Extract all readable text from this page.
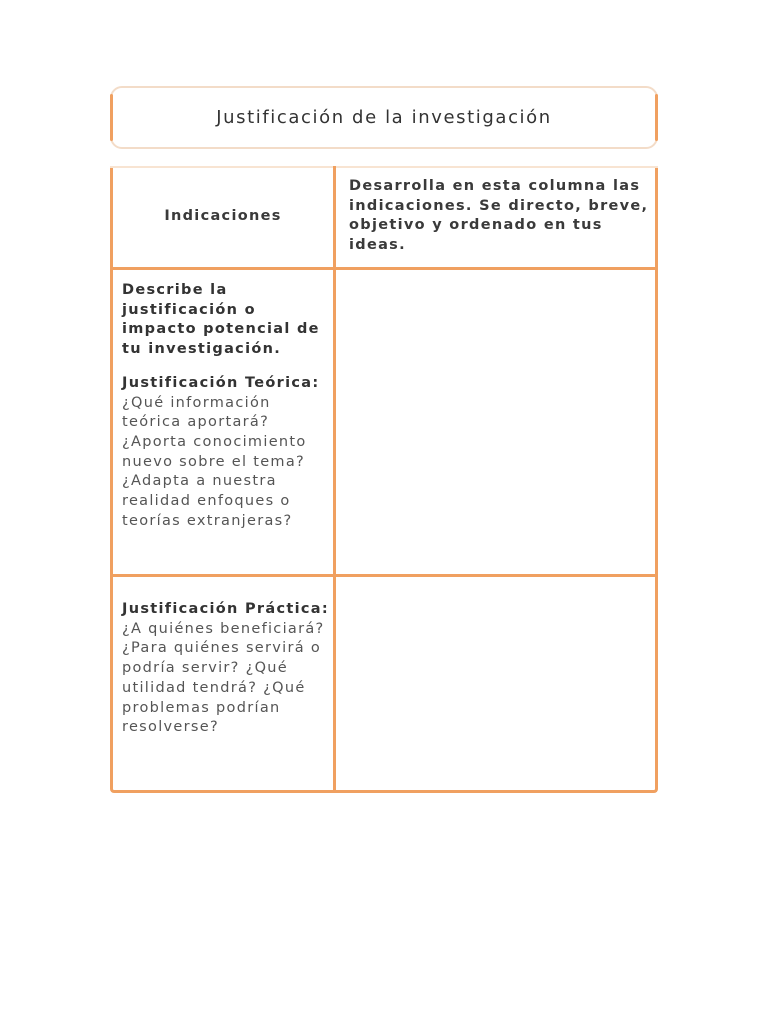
Justificación de la investigación
Indicaciones
Desarrolla en esta columna las indicaciones. Se directo, breve, objetivo y ordenado en tus ideas.
Describe la justificación o impacto potencial de tu investigación.
Justificación Teórica: ¿Qué información teórica aportará? ¿Aporta conocimiento nuevo sobre el tema? ¿Adapta a nuestra realidad enfoques o teorías extranjeras?
Justificación Práctica: ¿A quiénes beneficiará? ¿Para quiénes servirá o podría servir? ¿Qué utilidad tendrá? ¿Qué problemas podrían resolverse?
